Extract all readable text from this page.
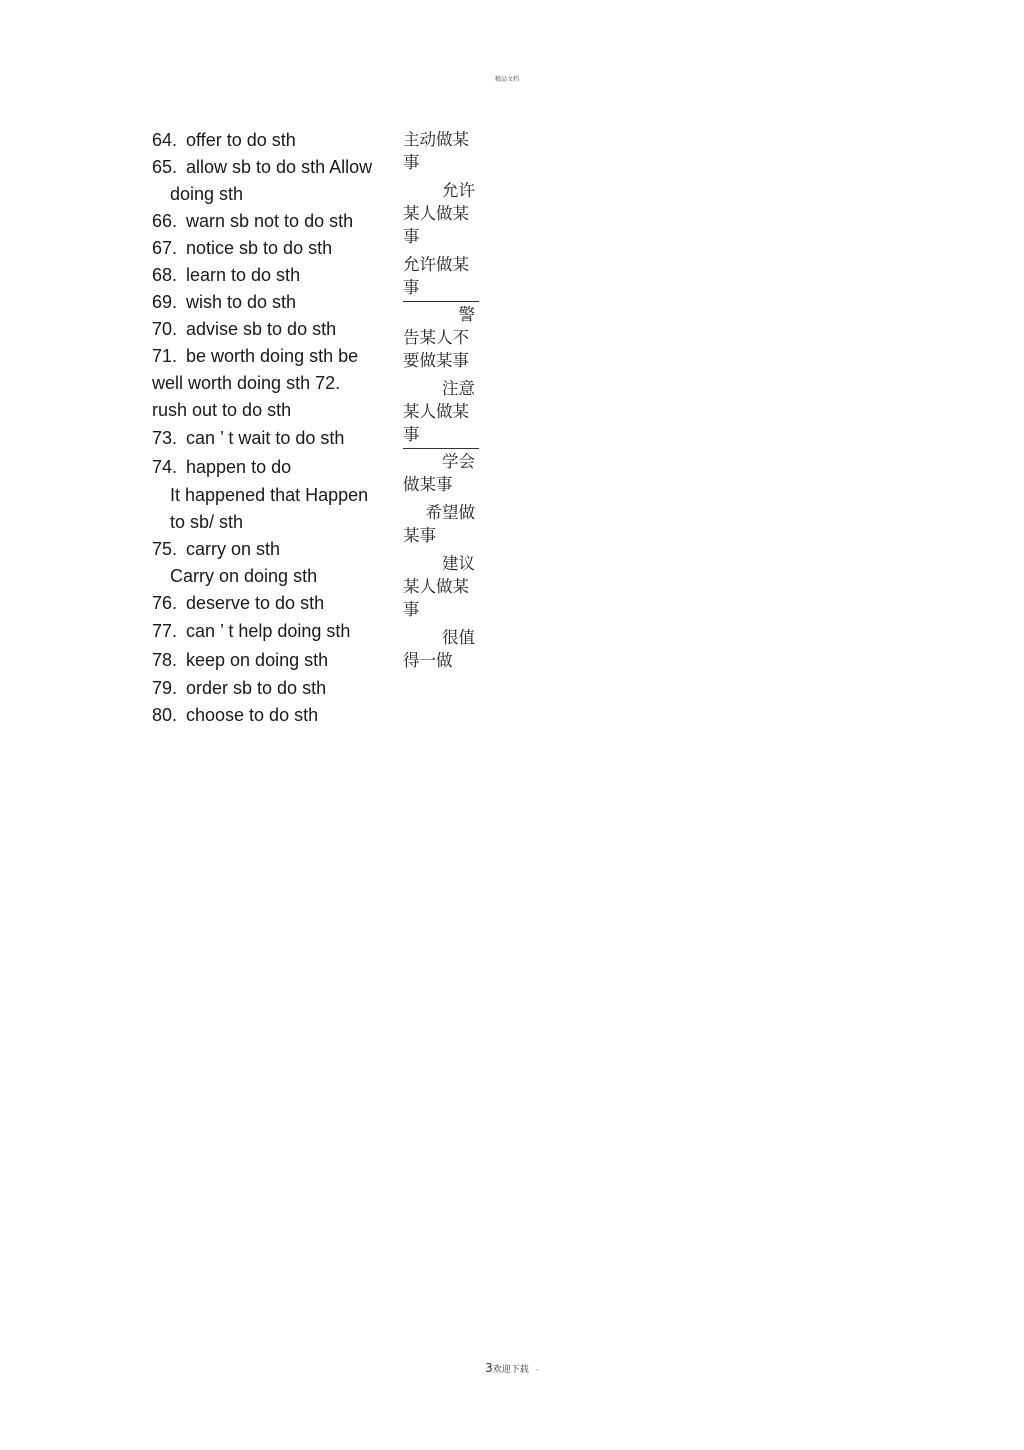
精品文档
64. offer to do sth
65. allow sb to do sth Allow
doing sth
66. warn sb not to do sth
67. notice sb to do sth
68. learn to do sth
69. wish to do sth
70. advise sb to do sth
71. be worth doing sth be
well worth doing sth 72.
rush out to do sth
73. can ’ t wait to do sth
74. happen to do
It happened that Happen
to sb/ sth
75. carry on sth
Carry on doing sth
76. deserve to do sth
77. can ’ t help doing sth
78. keep on doing sth
79. order sb to do sth
80. choose to do sth
主动做某
事
允许
某人做某
事
允许做某
事
警
告某人不
要做某事
注意
某人做某
事
学会
做某事
希望做
某事
建议
某人做某
事
很值
得一做
3欢迎下载 -
